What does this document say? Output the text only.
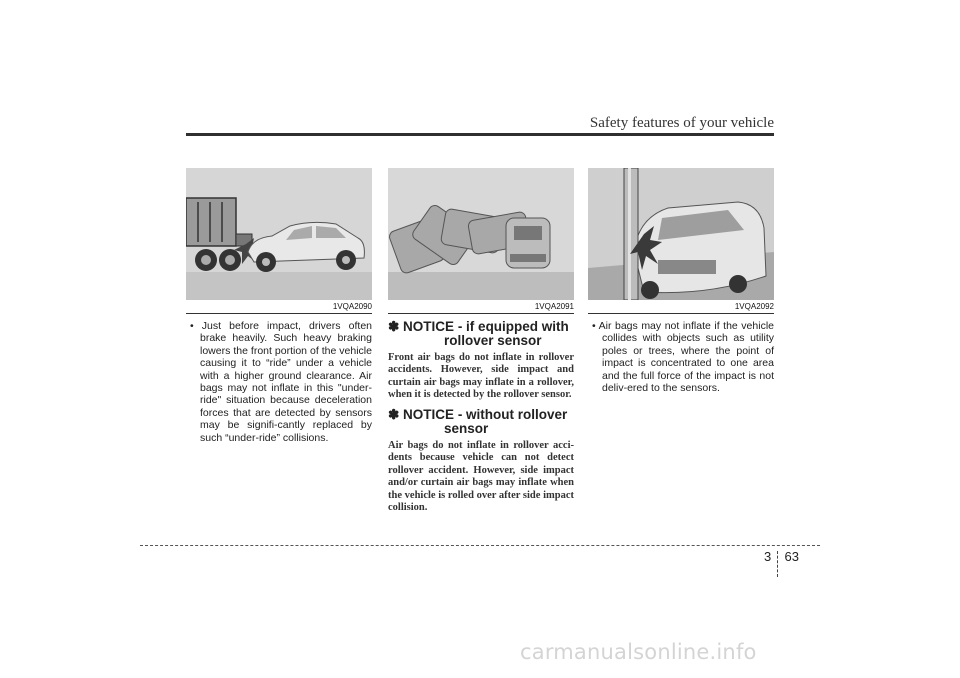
Safety features of your vehicle
1VQA2090	1VQA2091	1VQA2092

• Just before impact, drivers often brake heavily. Such heavy braking lowers the front portion of the vehicle causing it to “ride” under a vehicle with a higher ground clearance. Air bags may not inflate in this "under-ride" situation because deceleration forces that are detected by sensors may be signifi-cantly replaced by such “under-ride” collisions.

✽ NOTICE - if equipped with
rollover sensor
Front air bags do not inflate in rollover accidents. However, side impact and curtain air bags may inflate in a rollover, when it is detected by the rollover sensor.
✽ NOTICE - without rollover
sensor
Air bags do not inflate in rollover acci-dents because vehicle can not detect rollover accident. However, side impact and/or curtain air bags may inflate when the vehicle is rolled over after side impact collision.

• Air bags may not inflate if the vehicle collides with objects such as utility poles or trees, where the point of impact is concentrated to one area and the full force of the impact is not deliv-ered to the sensors.

3 63
carmanualsonline.info
